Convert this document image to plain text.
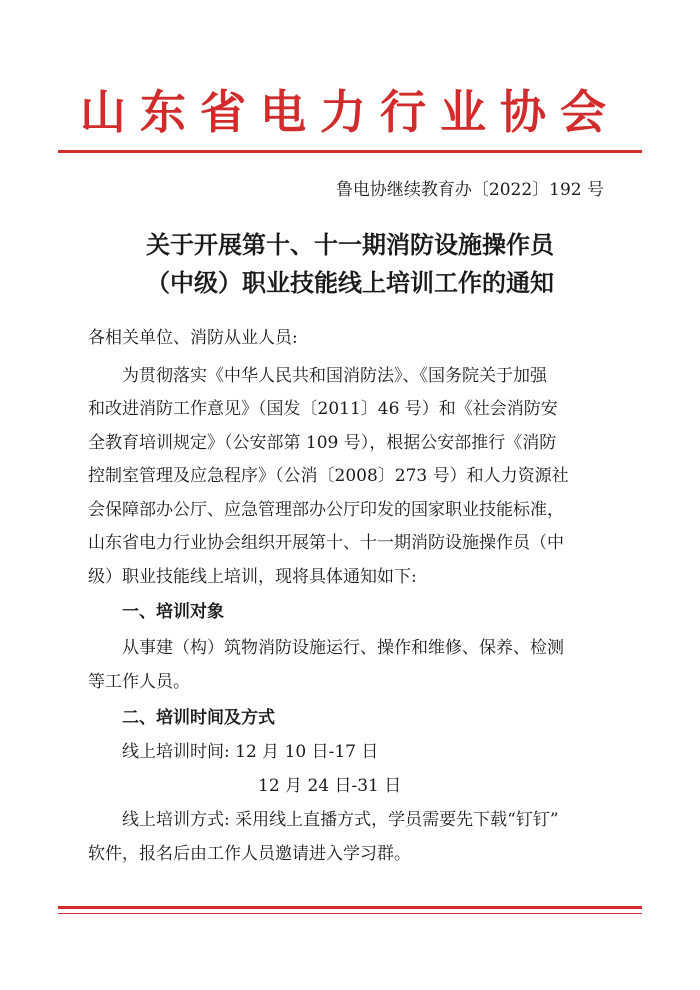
山东省电力行业协会
鲁电协继续教育办〔2022〕192 号
关于开展第十、十一期消防设施操作员
（中级）职业技能线上培训工作的通知
各相关单位、消防从业人员:
为贯彻落实《中华人民共和国消防法》、《国务院关于加强
和改进消防工作意见》（国发〔2011〕46 号）和《社会消防安
全教育培训规定》（公安部第 109 号），根据公安部推行《消防
控制室管理及应急程序》（公消〔2008〕273 号）和人力资源社
会保障部办公厅、应急管理部办公厅印发的国家职业技能标准，
山东省电力行业协会组织开展第十、十一期消防设施操作员（中
级）职业技能线上培训，现将具体通知如下:
一、培训对象
从事建（构）筑物消防设施运行、操作和维修、保养、检测
等工作人员。
二、培训时间及方式
线上培训时间: 12 月 10 日-17 日
12 月 24 日-31 日
线上培训方式: 采用线上直播方式，学员需要先下载“钉钉”
软件，报名后由工作人员邀请进入学习群。
